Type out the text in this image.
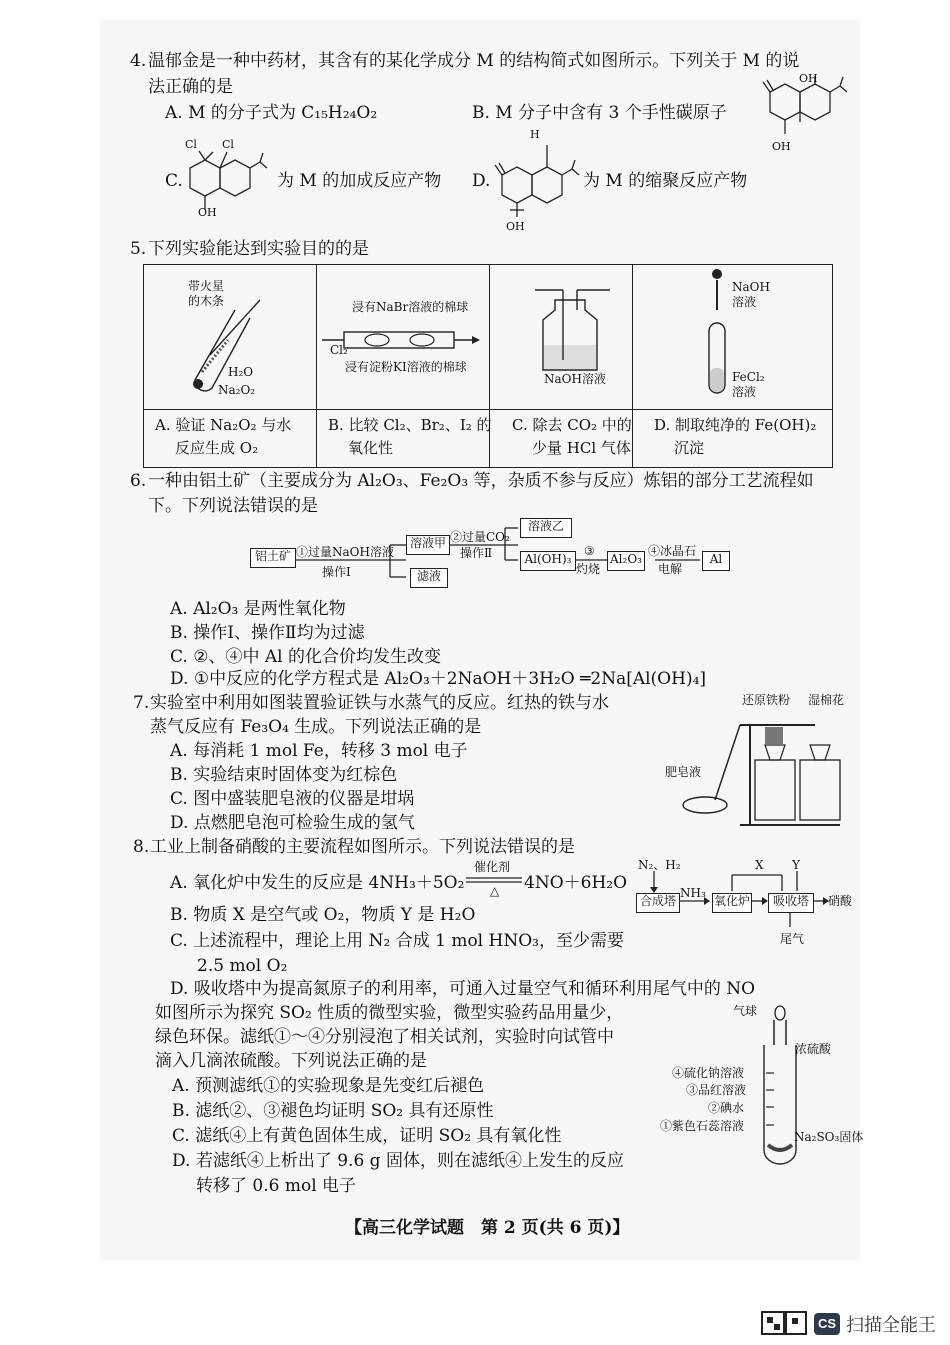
4. 温郁金是一种中药材，其含有的某化学成分 M 的结构简式如图所示。下列关于 M 的说
法正确的是
A. M 的分子式为 C₁₅H₂₄O₂	B. M 分子中含有 3 个手性碳原子
OH
OH
C.
Cl Cl
OH
为 M 的加成反应产物 D.
H
OH
为 M 的缩聚反应产物
5. 下列实验能达到实验目的的是

带火星
的木条
H₂O
Na₂O₂
浸有NaBr溶液的棉球
Cl₂
浸有淀粉KI溶液的棉球
NaOH溶液
NaOH
溶液
FeCl₂
溶液
A. 验证 Na₂O₂ 与水
反应生成 O₂
B. 比较 Cl₂、Br₂、I₂ 的
氧化性
C. 除去 CO₂ 中的
少量 HCl 气体
D. 制取纯净的 Fe(OH)₂
沉淀
6. 一种由铝土矿（主要成分为 Al₂O₃、Fe₂O₃ 等，杂质不参与反应）炼铝的部分工艺流程如
下。下列说法错误的是
铝土矿 ①过量NaOH溶液
操作Ⅰ
溶液甲
滤液
②过量CO₂
操作Ⅱ
溶液乙
Al(OH)₃
③
灼烧
Al₂O₃
④冰晶石
电解
Al
A. Al₂O₃ 是两性氧化物
B. 操作Ⅰ、操作Ⅱ均为过滤
C. ②、④中 Al 的化合价均发生改变
D. ①中反应的化学方程式是 Al₂O₃＋2NaOH＋3H₂O ═2Na[Al(OH)₄]
7. 实验室中利用如图装置验证铁与水蒸气的反应。红热的铁与水
蒸气反应有 Fe₃O₄ 生成。下列说法正确的是
A. 每消耗 1 mol Fe，转移 3 mol 电子
B. 实验结束时固体变为红棕色
C. 图中盛装肥皂液的仪器是坩埚
D. 点燃肥皂泡可检验生成的氢气
还原铁粉 湿棉花
肥皂液
8. 工业上制备硝酸的主要流程如图所示。下列说法错误的是
A. 氧化炉中发生的反应是 4NH₃＋5O₂
催化剂
△ 4NO＋6H₂O
B. 物质 X 是空气或 O₂，物质 Y 是 H₂O
C. 上述流程中，理论上用 N₂ 合成 1 mol HNO₃，至少需要
2.5 mol O₂
D. 吸收塔中为提高氮原子的利用率，可通入过量空气和循环利用尾气中的 NO
N₂、H₂
NH₃
X Y
合成塔	氧化炉	吸收塔	硝酸
尾气
如图所示为探究 SO₂ 性质的微型实验，微型实验药品用量少，
绿色环保。滤纸①～④分别浸泡了相关试剂，实验时向试管中
滴入几滴浓硫酸。下列说法正确的是
A. 预测滤纸①的实验现象是先变红后褪色
B. 滤纸②、③褪色均证明 SO₂ 具有还原性
C. 滤纸④上有黄色固体生成，证明 SO₂ 具有氧化性
D. 若滤纸④上析出了 9.6 g 固体，则在滤纸④上发生的反应
转移了 0.6 mol 电子
气球
浓硫酸
④硫化钠溶液
③品红溶液
②碘水
①紫色石蕊溶液
Na₂SO₃固体
【高三化学试题　第 2 页(共 6 页)】
CS 扫描全能王
